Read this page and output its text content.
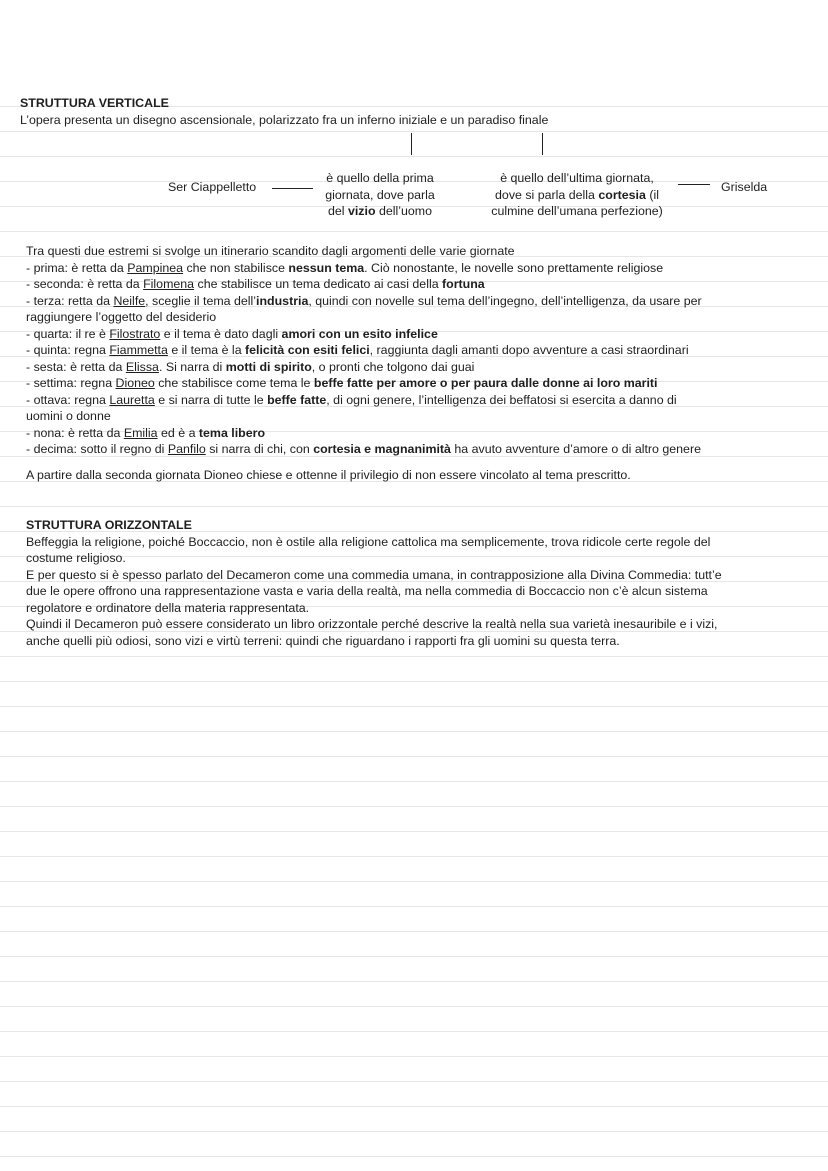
STRUTTURA VERTICALE
L’opera presenta un disegno ascensionale, polarizzato fra un inferno iniziale e un paradiso finale
Ser Ciappelletto
è quello della prima
giornata, dove parla
del vizio dell’uomo
è quello dell’ultima giornata,
dove si parla della cortesia (il
culmine dell’umana perfezione)
Griselda
Tra questi due estremi si svolge un itinerario scandito dagli argomenti delle varie giornate
- prima: è retta da Pampinea che non stabilisce nessun tema. Ciò nonostante, le novelle sono prettamente religiose
- seconda: è retta da Filomena che stabilisce un tema dedicato ai casi della fortuna
- terza: retta da Neilfe, sceglie il tema dell’industria, quindi con novelle sul tema dell’ingegno, dell’intelligenza, da usare per
raggiungere l’oggetto del desiderio
- quarta: il re è Filostrato e il tema è dato dagli amori con un esito infelice
- quinta: regna Fiammetta e il tema è la felicità con esiti felici, raggiunta dagli amanti dopo avventure a casi straordinari
- sesta: è retta da Elissa. Si narra di motti di spirito, o pronti che tolgono dai guai
- settima: regna Dioneo che stabilisce come tema le beffe fatte per amore o per paura dalle donne ai loro mariti
- ottava: regna Lauretta e si narra di tutte le beffe fatte, di ogni genere, l’intelligenza dei beffatosi si esercita a danno di
uomini o donne
- nona: è retta da Emilia ed è a tema libero
- decima: sotto il regno di Panfilo si narra di chi, con cortesia e magnanimità ha avuto avventure d’amore o di altro genere
A partire dalla seconda giornata Dioneo chiese e ottenne il privilegio di non essere vincolato al tema prescritto.
STRUTTURA ORIZZONTALE
Beffeggia la religione, poiché Boccaccio, non è ostile alla religione cattolica ma semplicemente, trova ridicole certe regole del
costume religioso.
E per questo si è spesso parlato del Decameron come una commedia umana, in contrapposizione alla Divina Commedia: tutt’e
due le opere offrono una rappresentazione vasta e varia della realtà, ma nella commedia di Boccaccio non c’è alcun sistema
regolatore e ordinatore della materia rappresentata.
Quindi il Decameron può essere considerato un libro orizzontale perché descrive la realtà nella sua varietà inesauribile e i vizi,
anche quelli più odiosi, sono vizi e virtù terreni: quindi che riguardano i rapporti fra gli uomini su questa terra.
